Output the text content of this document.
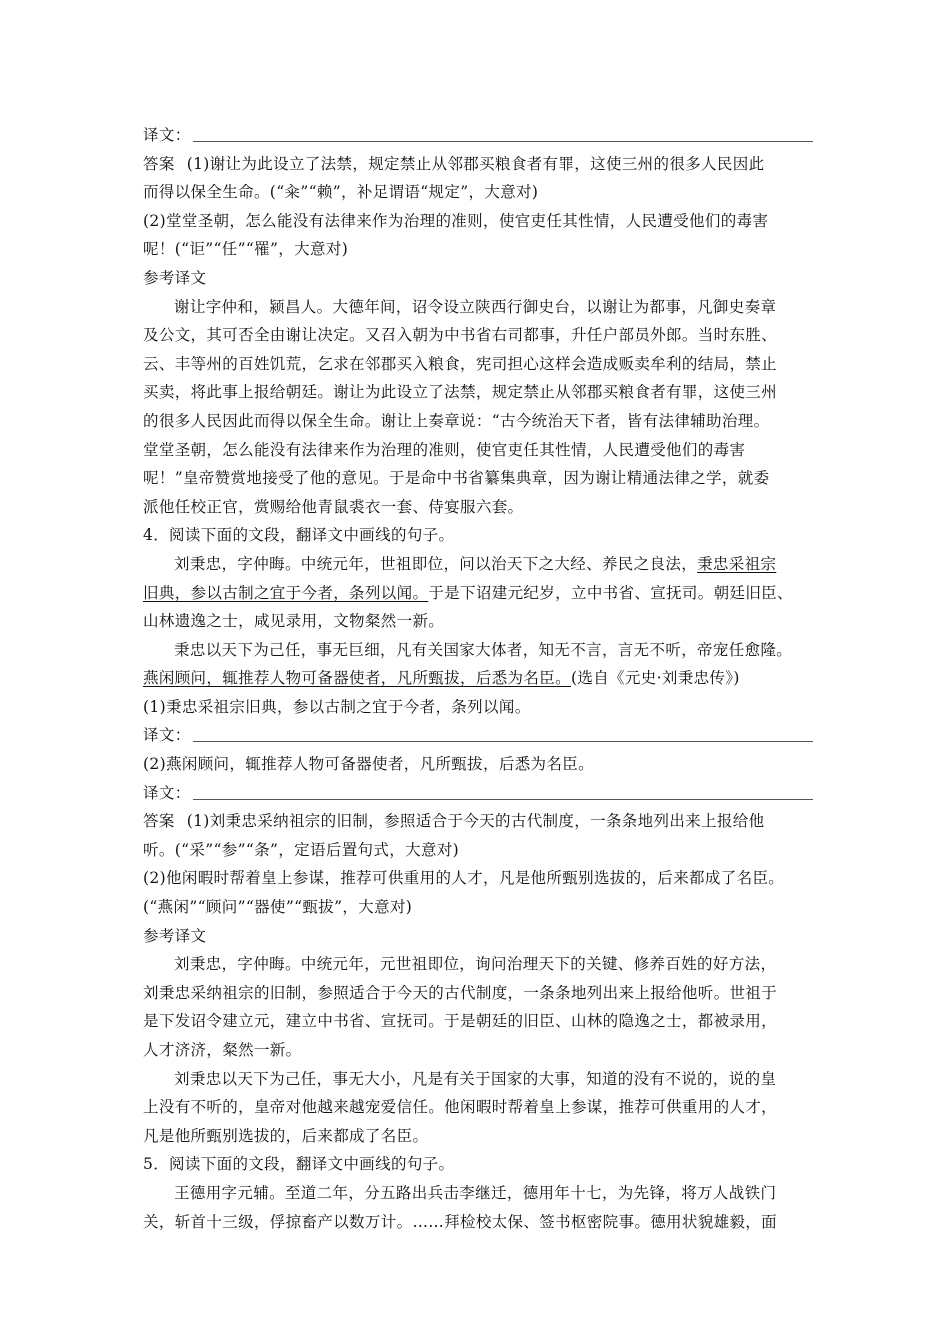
译文：
答案 (1)谢让为此设立了法禁，规定禁止从邻郡买粮食者有罪，这使三州的很多人民因此
而得以保全生命。(“籴”“赖”，补足谓语“规定”，大意对)
(2)堂堂圣朝，怎么能没有法律来作为治理的准则，使官吏任其性情，人民遭受他们的毒害
呢！(“讵”“任”“罹”，大意对)
参考译文
谢让字仲和，颍昌人。大德年间，诏令设立陕西行御史台，以谢让为都事，凡御史奏章
及公文，其可否全由谢让决定。又召入朝为中书省右司都事，升任户部员外郎。当时东胜、
云、丰等州的百姓饥荒，乞求在邻郡买入粮食，宪司担心这样会造成贩卖牟利的结局，禁止
买卖，将此事上报给朝廷。谢让为此设立了法禁，规定禁止从邻郡买粮食者有罪，这使三州
的很多人民因此而得以保全生命。谢让上奏章说：“古今统治天下者，皆有法律辅助治理。
堂堂圣朝，怎么能没有法律来作为治理的准则，使官吏任其性情，人民遭受他们的毒害
呢！”皇帝赞赏地接受了他的意见。于是命中书省纂集典章，因为谢让精通法律之学，就委
派他任校正官，赏赐给他青鼠裘衣一套、侍宴服六套。
4．阅读下面的文段，翻译文中画线的句子。
刘秉忠，字仲晦。中统元年，世祖即位，问以治天下之大经、养民之良法，秉忠采祖宗
旧典，参以古制之宜于今者，条列以闻。于是下诏建元纪岁，立中书省、宣抚司。朝廷旧臣、
山林遗逸之士，咸见录用，文物粲然一新。
秉忠以天下为己任，事无巨细，凡有关国家大体者，知无不言，言无不听，帝宠任愈隆。
燕闲顾问，辄推荐人物可备器使者，凡所甄拔，后悉为名臣。(选自《元史·刘秉忠传》)
(1)秉忠采祖宗旧典，参以古制之宜于今者，条列以闻。
译文：
(2)燕闲顾问，辄推荐人物可备器使者，凡所甄拔，后悉为名臣。
译文：
答案 (1)刘秉忠采纳祖宗的旧制，参照适合于今天的古代制度，一条条地列出来上报给他
听。(“采”“参”“条”，定语后置句式，大意对)
(2)他闲暇时帮着皇上参谋，推荐可供重用的人才，凡是他所甄别选拔的，后来都成了名臣。
(“燕闲”“顾问”“器使”“甄拔”，大意对)
参考译文
刘秉忠，字仲晦。中统元年，元世祖即位，询问治理天下的关键、修养百姓的好方法，
刘秉忠采纳祖宗的旧制，参照适合于今天的古代制度，一条条地列出来上报给他听。世祖于
是下发诏令建立元，建立中书省、宣抚司。于是朝廷的旧臣、山林的隐逸之士，都被录用，
人才济济，粲然一新。
刘秉忠以天下为己任，事无大小，凡是有关于国家的大事，知道的没有不说的，说的皇
上没有不听的，皇帝对他越来越宠爱信任。他闲暇时帮着皇上参谋，推荐可供重用的人才，
凡是他所甄别选拔的，后来都成了名臣。
5．阅读下面的文段，翻译文中画线的句子。
王德用字元辅。至道二年，分五路出兵击李继迁，德用年十七，为先锋，将万人战铁门
关，斩首十三级，俘掠畜产以数万计。……拜检校太保、签书枢密院事。德用状貌雄毅，面
